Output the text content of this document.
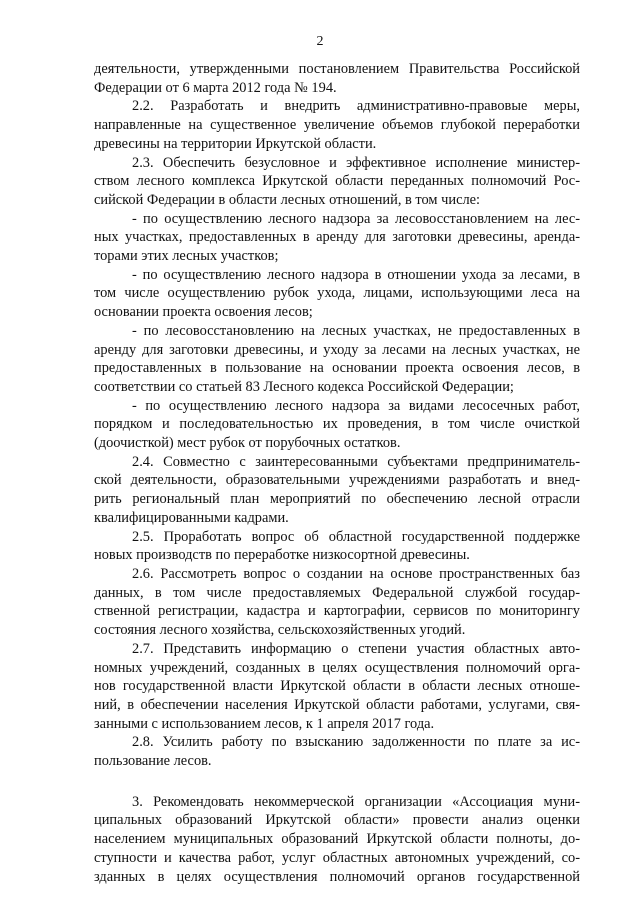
2
деятельности, утвержденными постановлением Правительства Российской
Федерации от 6 марта 2012 года № 194.
2.2. Разработать и внедрить административно-правовые меры,
направленные на существенное увеличение объемов глубокой переработки
древесины на территории Иркутской области.
2.3. Обеспечить безусловное и эффективное исполнение министер-
ством лесного комплекса Иркутской области переданных полномочий Рос-
сийской Федерации в области лесных отношений, в том числе:
- по осуществлению лесного надзора за лесовосстановлением на лес-
ных участках, предоставленных в аренду для заготовки древесины, аренда-
торами этих лесных участков;
- по осуществлению лесного надзора в отношении ухода за лесами, в
том числе осуществлению рубок ухода, лицами, использующими леса на
основании проекта освоения лесов;
- по лесовосстановлению на лесных участках, не предоставленных в
аренду для заготовки древесины, и уходу за лесами на лесных участках, не
предоставленных в пользование на основании проекта освоения лесов, в
соответствии со статьей 83 Лесного кодекса Российской Федерации;
- по осуществлению лесного надзора за видами лесосечных работ,
порядком и последовательностью их проведения, в том числе очисткой
(доочисткой) мест рубок от порубочных остатков.
2.4. Совместно с заинтересованными субъектами предприниматель-
ской деятельности, образовательными учреждениями разработать и внед-
рить региональный план мероприятий по обеспечению лесной отрасли
квалифицированными кадрами.
2.5. Проработать вопрос об областной государственной поддержке
новых производств по переработке низкосортной древесины.
2.6. Рассмотреть вопрос о создании на основе пространственных баз
данных, в том числе предоставляемых Федеральной службой государ-
ственной регистрации, кадастра и картографии, сервисов по мониторингу
состояния лесного хозяйства, сельскохозяйственных угодий.
2.7. Представить информацию о степени участия областных авто-
номных учреждений, созданных в целях осуществления полномочий орга-
нов государственной власти Иркутской области в области лесных отноше-
ний, в обеспечении населения Иркутской области работами, услугами, свя-
занными с использованием лесов, к 1 апреля 2017 года.
2.8. Усилить работу по взысканию задолженности по плате за ис-
пользование лесов.
3. Рекомендовать некоммерческой организации «Ассоциация муни-
ципальных образований Иркутской области» провести анализ оценки
населением муниципальных образований Иркутской области полноты, до-
ступности и качества работ, услуг областных автономных учреждений, со-
зданных в целях осуществления полномочий органов государственной
